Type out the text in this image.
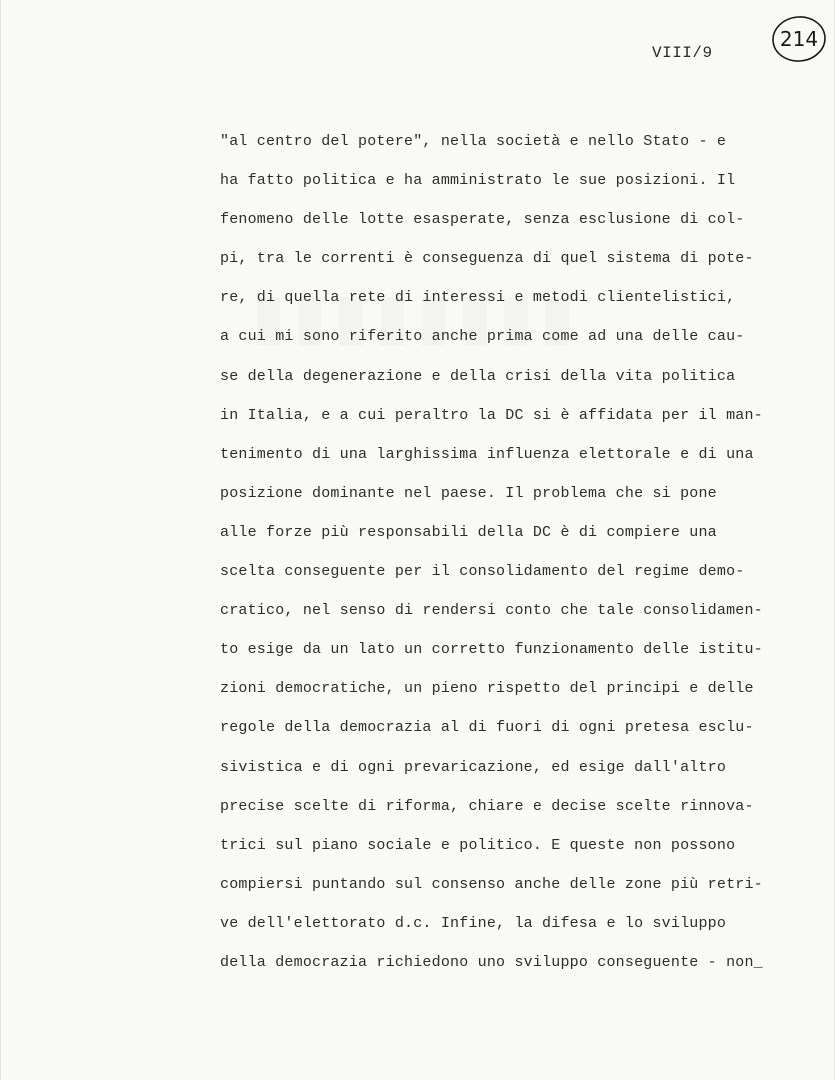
VIII/9
214
"al centro del potere", nella società e nello Stato - e
ha fatto politica e ha amministrato le sue posizioni. Il
fenomeno delle lotte esasperate, senza esclusione di col-
pi, tra le correnti è conseguenza di quel sistema di pote-
re, di quella rete di interessi e metodi clientelistici,
a cui mi sono riferito anche prima come ad una delle cau-
se della degenerazione e della crisi della vita politica
in Italia, e a cui peraltro la DC si è affidata per il man-
tenimento di una larghissima influenza elettorale e di una
posizione dominante nel paese. Il problema che si pone
alle forze più responsabili della DC è di compiere una
scelta conseguente per il consolidamento del regime demo-
cratico, nel senso di rendersi conto che tale consolidamen-
to esige da un lato un corretto funzionamento delle istitu-
zioni democratiche, un pieno rispetto del principi e delle
regole della democrazia al di fuori di ogni pretesa esclu-
sivistica e di ogni prevaricazione, ed esige dall'altro
precise scelte di riforma, chiare e decise scelte rinnova-
trici sul piano sociale e politico. E queste non possono
compiersi puntando sul consenso anche delle zone più retri-
ve dell'elettorato d.c. Infine, la difesa e lo sviluppo
della democrazia richiedono uno sviluppo conseguente - non_
